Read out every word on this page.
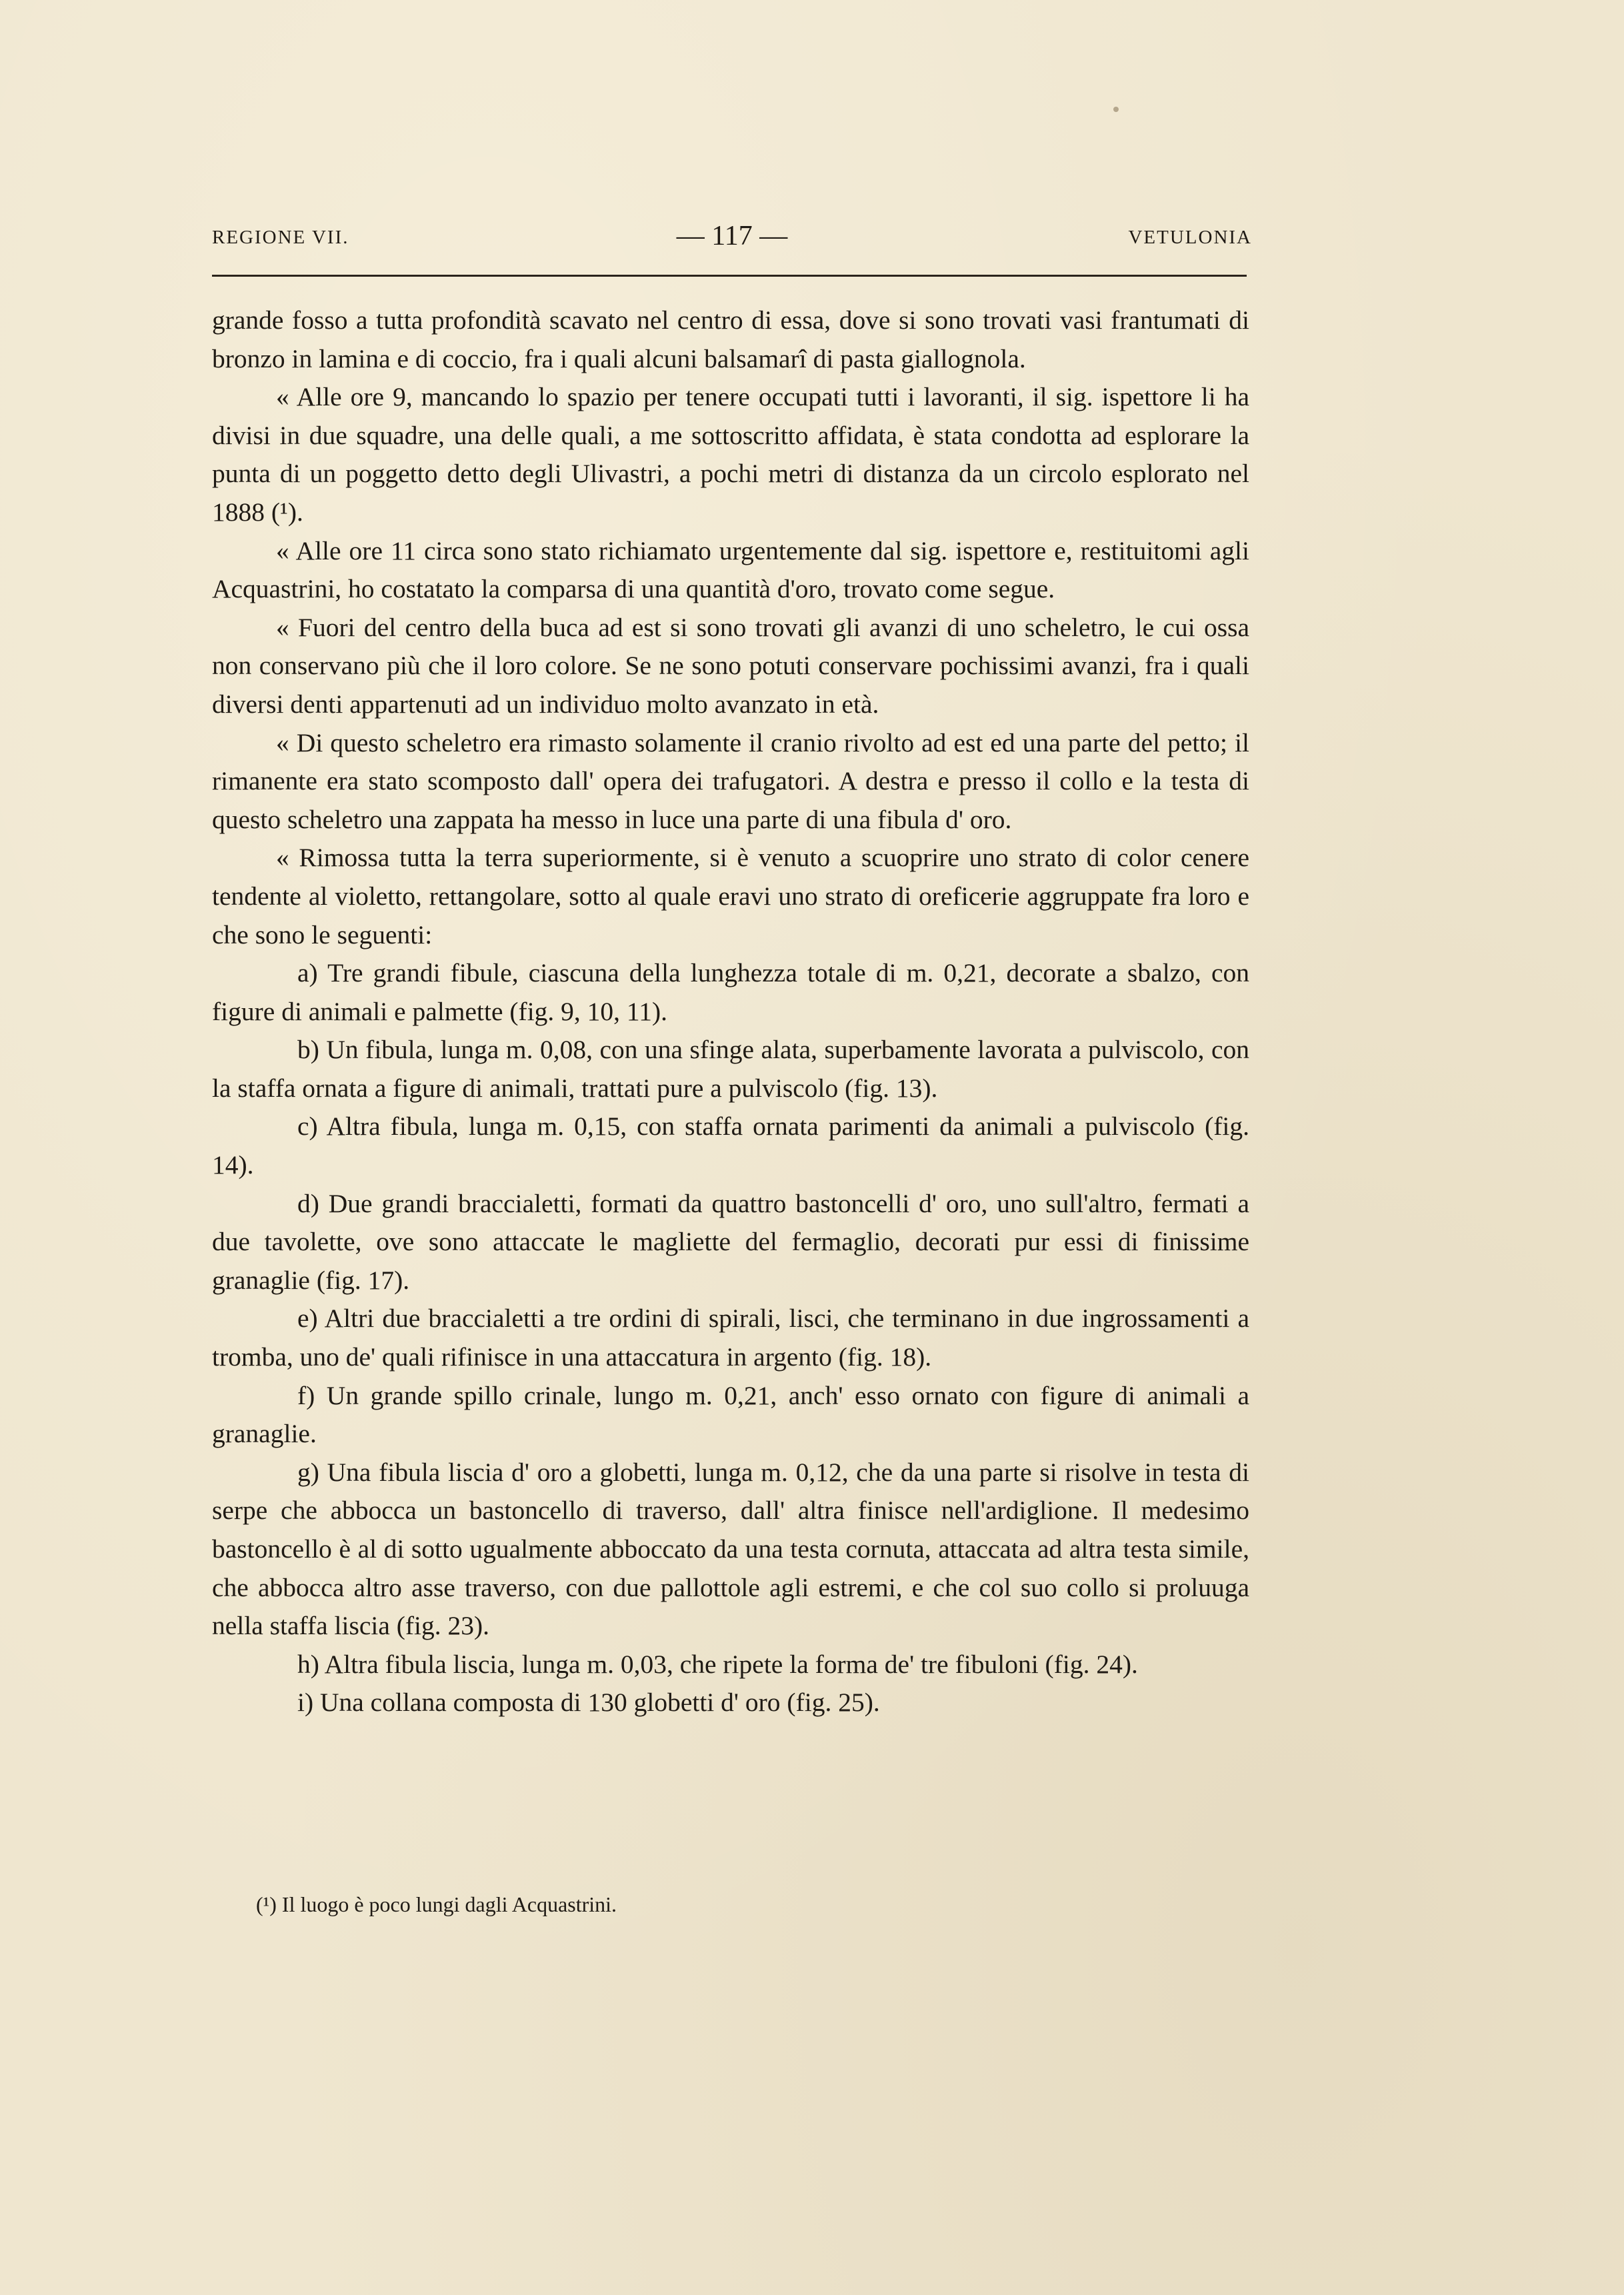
REGIONE VII.	— 117 —	VETULONIA

grande fosso a tutta profondità scavato nel centro di essa, dove si sono trovati vasi frantumati di bronzo in lamina e di coccio, fra i quali alcuni balsamarî di pasta giallognola.

« Alle ore 9, mancando lo spazio per tenere occupati tutti i lavoranti, il sig. ispettore li ha divisi in due squadre, una delle quali, a me sottoscritto affidata, è stata condotta ad esplorare la punta di un poggetto detto degli Ulivastri, a pochi metri di distanza da un circolo esplorato nel 1888 (¹).

« Alle ore 11 circa sono stato richiamato urgentemente dal sig. ispettore e, restituitomi agli Acquastrini, ho costatato la comparsa di una quantità d'oro, trovato come segue.

« Fuori del centro della buca ad est si sono trovati gli avanzi di uno scheletro, le cui ossa non conservano più che il loro colore. Se ne sono potuti conservare pochissimi avanzi, fra i quali diversi denti appartenuti ad un individuo molto avanzato in età.

« Di questo scheletro era rimasto solamente il cranio rivolto ad est ed una parte del petto; il rimanente era stato scomposto dall' opera dei trafugatori. A destra e presso il collo e la testa di questo scheletro una zappata ha messo in luce una parte di una fibula d' oro.

« Rimossa tutta la terra superiormente, si è venuto a scuoprire uno strato di color cenere tendente al violetto, rettangolare, sotto al quale eravi uno strato di oreficerie aggruppate fra loro e che sono le seguenti:

a) Tre grandi fibule, ciascuna della lunghezza totale di m. 0,21, decorate a sbalzo, con figure di animali e palmette (fig. 9, 10, 11).

b) Un fibula, lunga m. 0,08, con una sfinge alata, superbamente lavorata a pulviscolo, con la staffa ornata a figure di animali, trattati pure a pulviscolo (fig. 13).

c) Altra fibula, lunga m. 0,15, con staffa ornata parimenti da animali a pulviscolo (fig. 14).

d) Due grandi braccialetti, formati da quattro bastoncelli d' oro, uno sull'altro, fermati a due tavolette, ove sono attaccate le magliette del fermaglio, decorati pur essi di finissime granaglie (fig. 17).

e) Altri due braccialetti a tre ordini di spirali, lisci, che terminano in due ingrossamenti a tromba, uno de' quali rifinisce in una attaccatura in argento (fig. 18).

f) Un grande spillo crinale, lungo m. 0,21, anch' esso ornato con figure di animali a granaglie.

g) Una fibula liscia d' oro a globetti, lunga m. 0,12, che da una parte si risolve in testa di serpe che abbocca un bastoncello di traverso, dall' altra finisce nell'ardiglione. Il medesimo bastoncello è al di sotto ugualmente abboccato da una testa cornuta, attaccata ad altra testa simile, che abbocca altro asse traverso, con due pallottole agli estremi, e che col suo collo si proluuga nella staffa liscia (fig. 23).

h) Altra fibula liscia, lunga m. 0,03, che ripete la forma de' tre fibuloni (fig. 24).

i) Una collana composta di 130 globetti d' oro (fig. 25).

(¹) Il luogo è poco lungi dagli Acquastrini.
